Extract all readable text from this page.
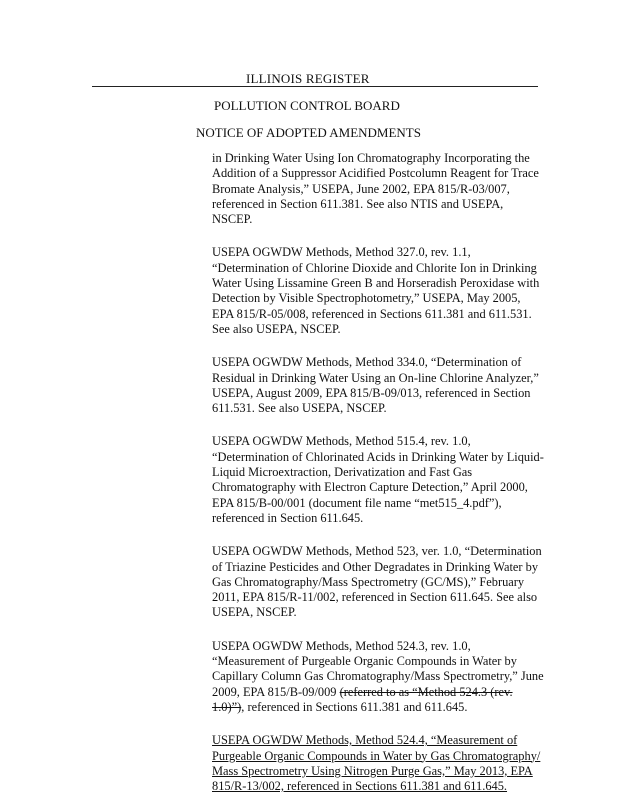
ILLINOIS REGISTER
POLLUTION CONTROL BOARD
NOTICE OF ADOPTED AMENDMENTS

in Drinking Water Using Ion Chromatography Incorporating the
Addition of a Suppressor Acidified Postcolumn Reagent for Trace
Bromate Analysis,” USEPA, June 2002, EPA 815/R-03/007,
referenced in Section 611.381. See also NTIS and USEPA,
NSCEP.

USEPA OGWDW Methods, Method 327.0, rev. 1.1,
“Determination of Chlorine Dioxide and Chlorite Ion in Drinking
Water Using Lissamine Green B and Horseradish Peroxidase with
Detection by Visible Spectrophotometry,” USEPA, May 2005,
EPA 815/R-05/008, referenced in Sections 611.381 and 611.531.
See also USEPA, NSCEP.

USEPA OGWDW Methods, Method 334.0, “Determination of
Residual in Drinking Water Using an On-line Chlorine Analyzer,”
USEPA, August 2009, EPA 815/B-09/013, referenced in Section
611.531. See also USEPA, NSCEP.

USEPA OGWDW Methods, Method 515.4, rev. 1.0,
“Determination of Chlorinated Acids in Drinking Water by Liquid-
Liquid Microextraction, Derivatization and Fast Gas
Chromatography with Electron Capture Detection,” April 2000,
EPA 815/B-00/001 (document file name “met515_4.pdf”),
referenced in Section 611.645.

USEPA OGWDW Methods, Method 523, ver. 1.0, “Determination
of Triazine Pesticides and Other Degradates in Drinking Water by
Gas Chromatography/Mass Spectrometry (GC/MS),” February
2011, EPA 815/R-11/002, referenced in Section 611.645. See also
USEPA, NSCEP.

USEPA OGWDW Methods, Method 524.3, rev. 1.0,
“Measurement of Purgeable Organic Compounds in Water by
Capillary Column Gas Chromatography/Mass Spectrometry,” June
2009, EPA 815/B-09/009 (referred to as “Method 524.3 (rev.
1.0)”), referenced in Sections 611.381 and 611.645.

USEPA OGWDW Methods, Method 524.4, “Measurement of
Purgeable Organic Compounds in Water by Gas Chromatography/
Mass Spectrometry Using Nitrogen Purge Gas,” May 2013, EPA
815/R-13/002, referenced in Sections 611.381 and 611.645.
